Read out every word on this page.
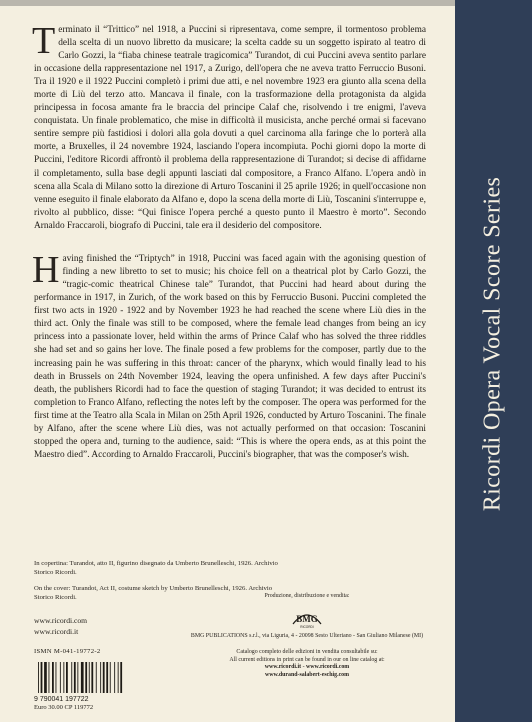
Terminato il “Trittico” nel 1918, a Puccini si ripresentava, come sempre, il tormentoso problema della scelta di un nuovo libretto da musicare; la scelta cadde su un soggetto ispirato al teatro di Carlo Gozzi, la “fiaba chinese teatrale tragicomica” Turandot, di cui Puccini aveva sentito parlare in occasione della rappresentazione nel 1917, a Zurigo, dell'opera che ne aveva tratto Ferruccio Busoni. Tra il 1920 e il 1922 Puccini completò i primi due atti, e nel novembre 1923 era giunto alla scena della morte di Liù del terzo atto. Mancava il finale, con la trasformazione della protagonista da algida principessa in focosa amante fra le braccia del principe Calaf che, risolvendo i tre enigmi, l'aveva conquistata. Un finale problematico, che mise in difficoltà il musicista, anche perché ormai si facevano sentire sempre più fastidiosi i dolori alla gola dovuti a quel carcinoma alla faringe che lo porterà alla morte, a Bruxelles, il 24 novembre 1924, lasciando l'opera incompiuta. Pochi giorni dopo la morte di Puccini, l'editore Ricordi affrontò il problema della rappresentazione di Turandot; si decise di affidarne il completamento, sulla base degli appunti lasciati dal compositore, a Franco Alfano. L'opera andò in scena alla Scala di Milano sotto la direzione di Arturo Toscanini il 25 aprile 1926; in quell'occasione non venne eseguito il finale elaborato da Alfano e, dopo la scena della morte di Liù, Toscanini s'interruppe e, rivolto al pubblico, disse: “Qui finisce l'opera perché a questo punto il Maestro è morto”. Secondo Arnaldo Fraccaroli, biografo di Puccini, tale era il desiderio del compositore.

Having finished the “Triptych” in 1918, Puccini was faced again with the agonising question of finding a new libretto to set to music; his choice fell on a theatrical plot by Carlo Gozzi, the “tragic-comic theatrical Chinese tale” Turandot, that Puccini had heard about during the performance in 1917, in Zurich, of the work based on this by Ferruccio Busoni. Puccini completed the first two acts in 1920 - 1922 and by November 1923 he had reached the scene where Liù dies in the third act. Only the finale was still to be composed, where the female lead changes from being an icy princess into a passionate lover, held within the arms of Prince Calaf who has solved the three riddles she had set and so gains her love. The finale posed a few problems for the composer, partly due to the increasing pain he was suffering in this throat: cancer of the pharynx, which would finally lead to his death in Brussels on 24th November 1924, leaving the opera unfinished. A few days after Puccini's death, the publishers Ricordi had to face the question of staging Turandot; it was decided to entrust its completion to Franco Alfano, reflecting the notes left by the composer. The opera was performed for the first time at the Teatro alla Scala in Milan on 25th April 1926, conducted by Arturo Toscanini. The finale by Alfano, after the scene where Liù dies, was not actually performed on that occasion: Toscanini stopped the opera and, turning to the audience, said: “This is where the opera ends, as at this point the Maestro died”. According to Arnaldo Fraccaroli, Puccini's biographer, that was the composer's wish.

In copertina: Turandot, atto II, figurino disegnato da Umberto Brunelleschi, 1926. Archivio Storico Ricordi.

On the cover: Turandot, Act II, costume sketch by Umberto Brunelleschi, 1926. Archivio Storico Ricordi.

www.ricordi.com
www.ricordi.it
ISMN M-041-19772-2
9 790041 197722
Euro 30.00 CP 119772
Produzione, distribuzione e vendita:
BMG
RICORDI
BMG PUBLICATIONS s.r.l., via Liguria, 4 - 20098 Sesto Ulteriano - San Giuliano Milanese (MI)
Catalogo completo delle edizioni in vendita consultabile su:
All current editions in print can be found in our on line catalog at:
www.ricordi.it - www.ricordi.com
www.durand-salabert-eschig.com
Ricordi Opera Vocal Score Series
